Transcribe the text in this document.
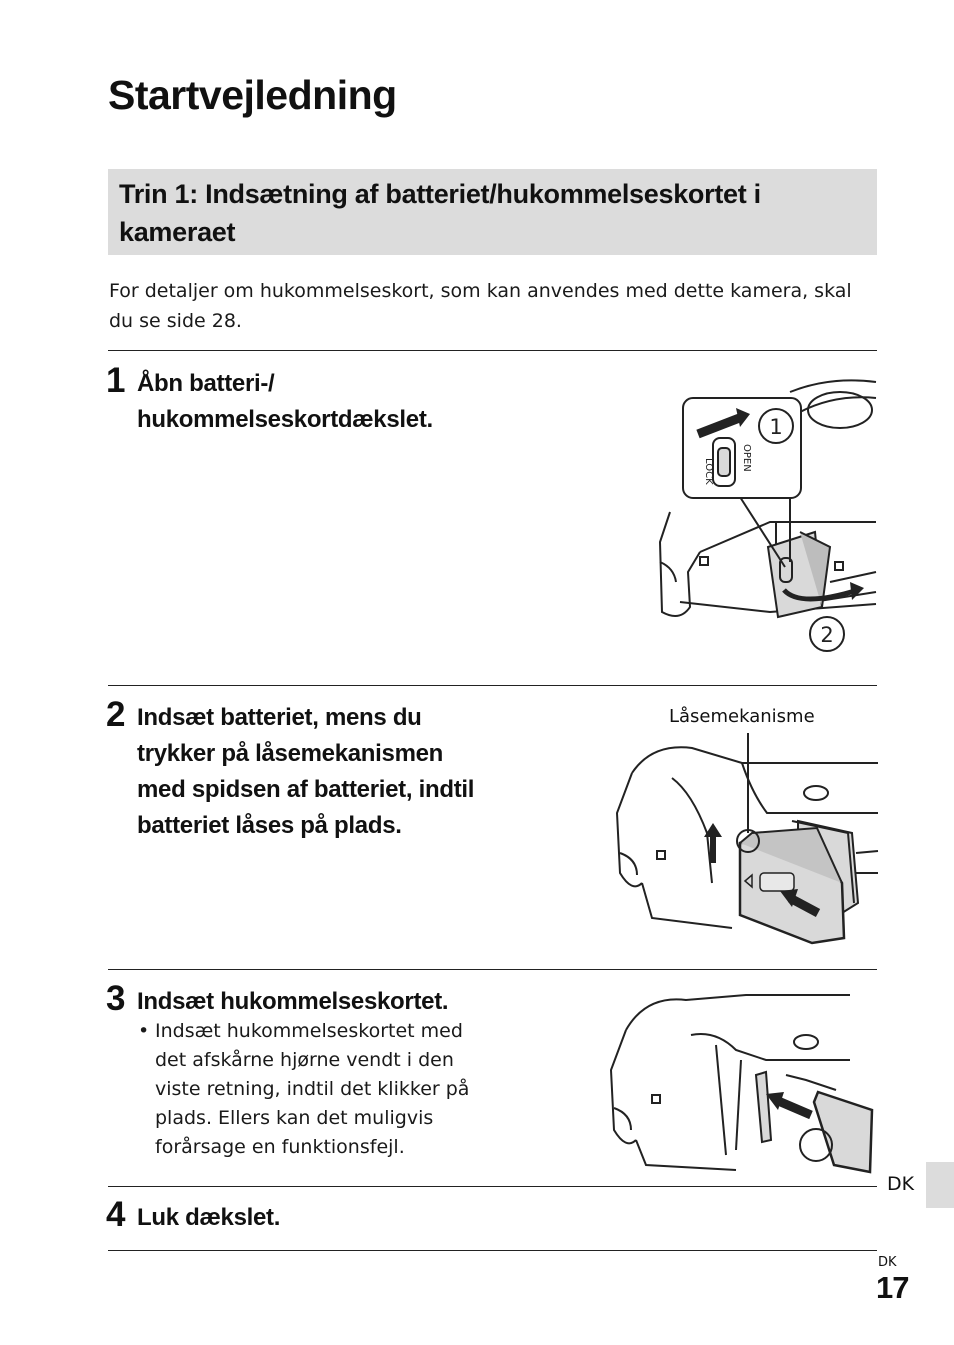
Startvejledning
Trin 1: Indsætning af batteriet/hukommelseskortet i kameraet

For detaljer om hukommelseskort, som kan anvendes med dette kamera, skal du se side 28.

1 Åbn batteri-/
hukommelseskortdækslet.

OPEN
LOCK
1
2
2 Indsæt batteriet, mens du trykker på låsemekanismen med spidsen af batteriet, indtil batteriet låses på plads.

Låsemekanisme
3 Indsæt hukommelseskortet.

• Indsæt hukommelseskortet med det afskårne hjørne vendt i den viste retning, indtil det klikker på plads. Ellers kan det muligvis forårsage en funktionsfejl.
4 Luk dækslet.

DK
DK
17
